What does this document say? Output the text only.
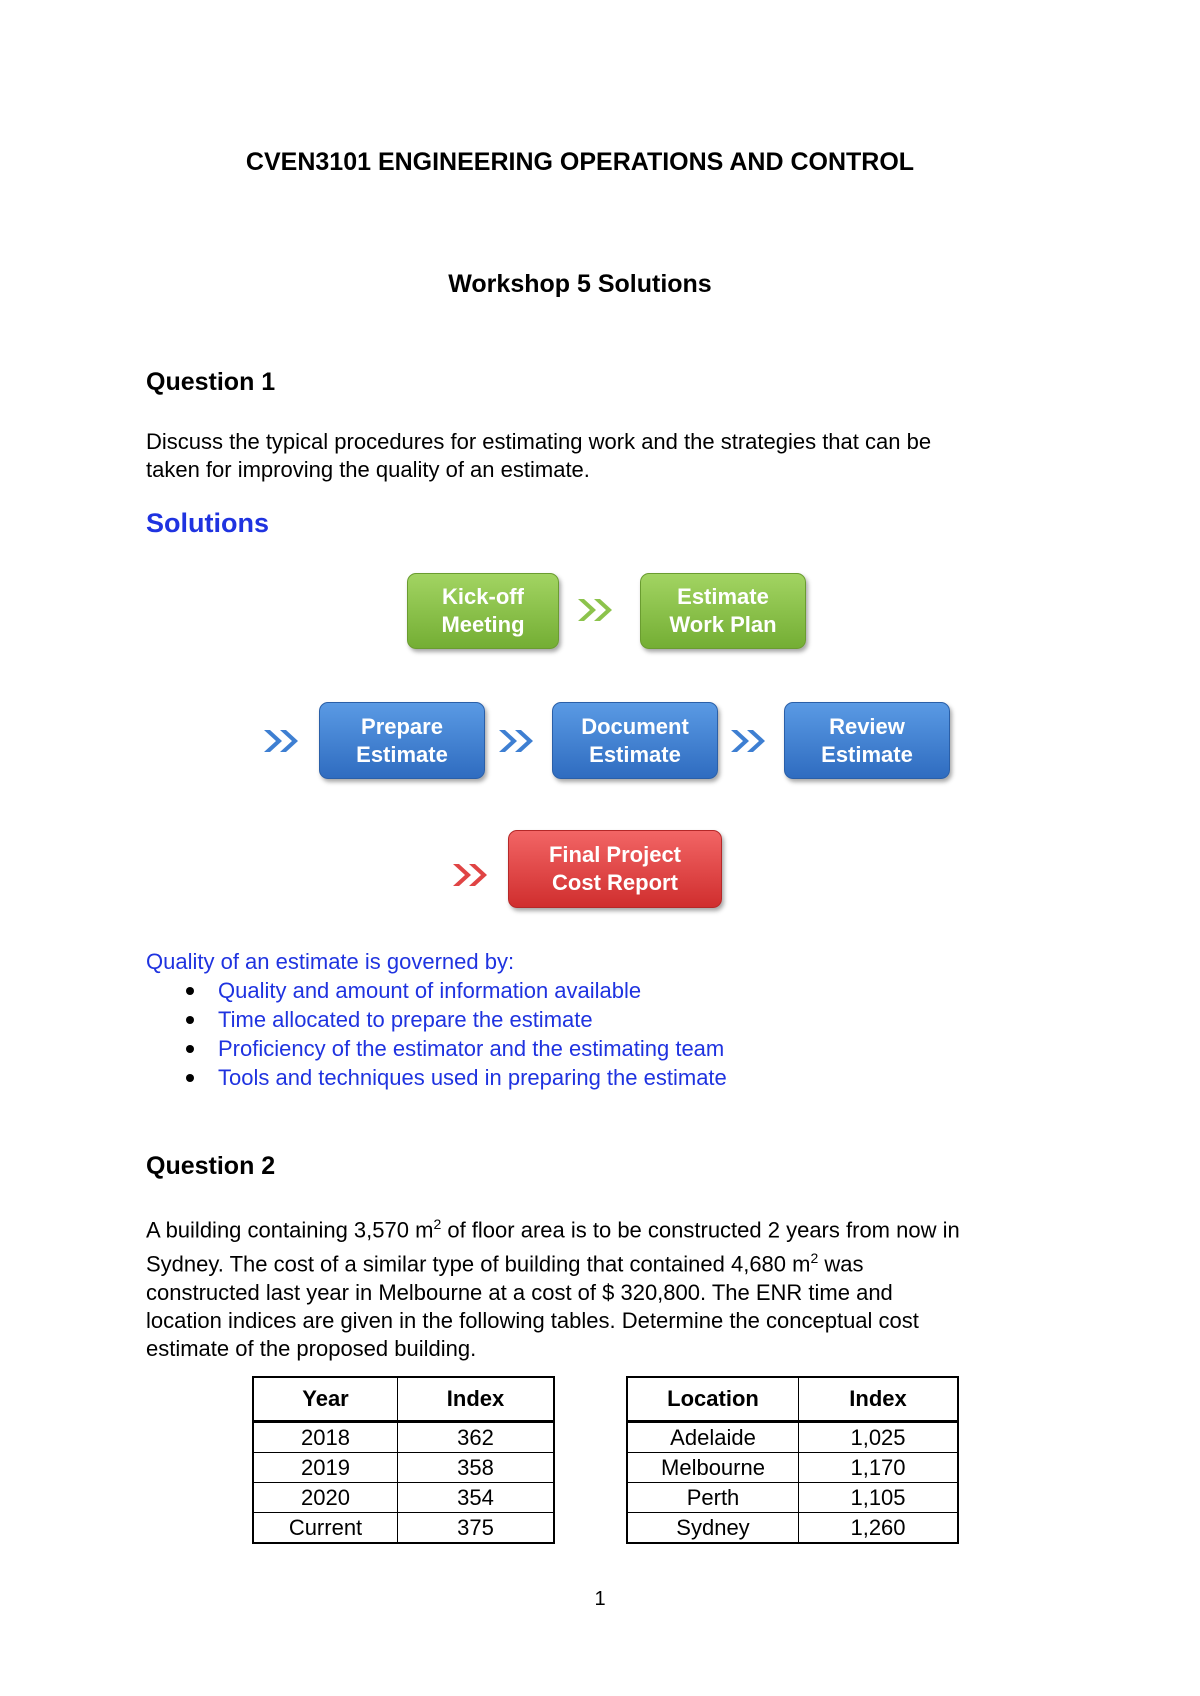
CVEN3101 ENGINEERING OPERATIONS AND CONTROL
Workshop 5 Solutions
Question 1
Discuss the typical procedures for estimating work and the strategies that can be
taken for improving the quality of an estimate.
Solutions
Kick-off
Meeting
Estimate
Work Plan
Prepare
Estimate
Document
Estimate
Review
Estimate
Final Project
Cost Report
Quality of an estimate is governed by:
Quality and amount of information available
Time allocated to prepare the estimate
Proficiency of the estimator and the estimating team
Tools and techniques used in preparing the estimate
Question 2
A building containing 3,570 $m^2$ of floor area is to be constructed 2 years from now in
Sydney. The cost of a similar type of building that contained 4,680 $m^2$ was
constructed last year in Melbourne at a cost of $ 320,800. The ENR time and
location indices are given in the following tables. Determine the conceptual cost
estimate of the proposed building.
Year	Index
2018	362
2019	358
2020	354
Current	375
Location	Index
Adelaide	1,025
Melbourne	1,170
Perth	1,105
Sydney	1,260
1
